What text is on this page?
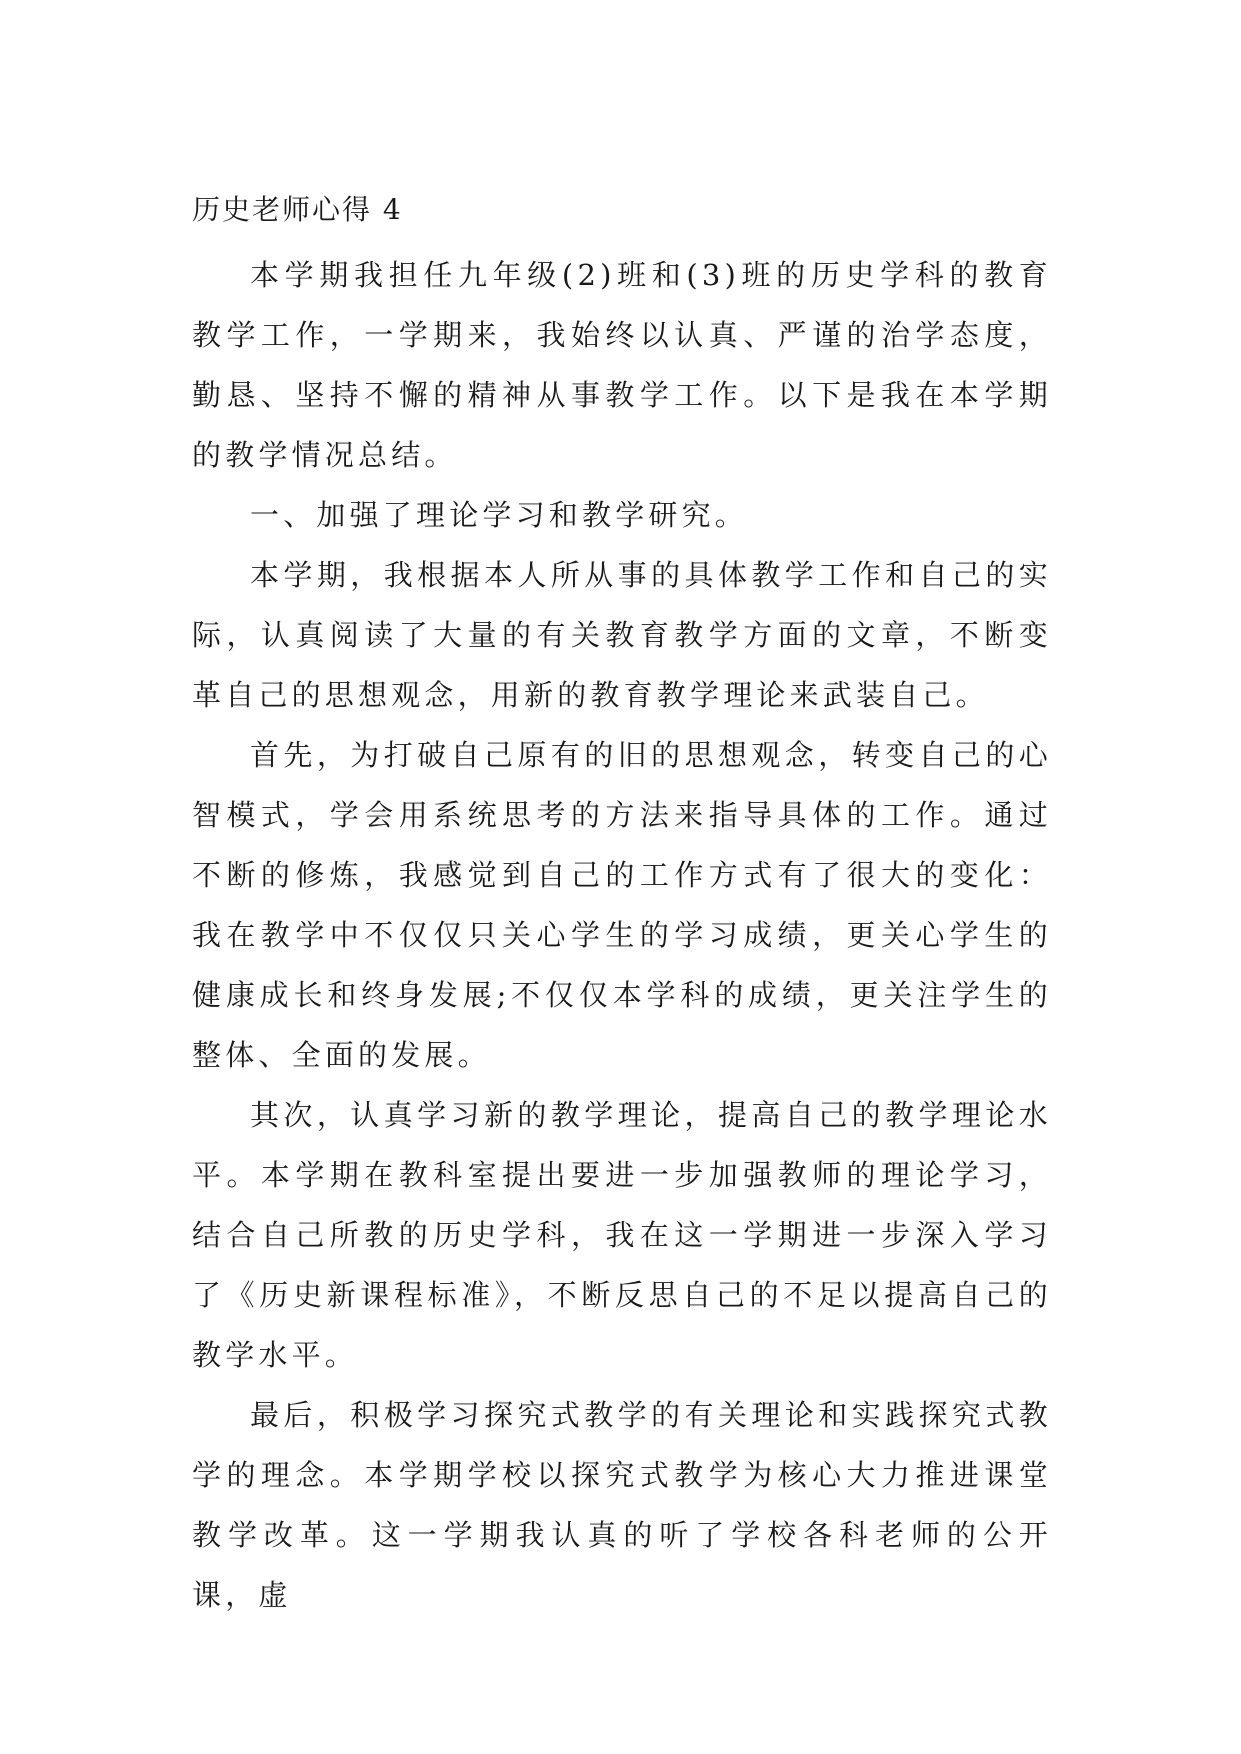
历史老师心得 4

本学期我担任九年级(2)班和(3)班的历史学科的教育教学工作，一学期来，我始终以认真、严谨的治学态度，勤恳、坚持不懈的精神从事教学工作。以下是我在本学期的教学情况总结。

一、加强了理论学习和教学研究。

本学期，我根据本人所从事的具体教学工作和自己的实际，认真阅读了大量的有关教育教学方面的文章，不断变革自己的思想观念，用新的教育教学理论来武装自己。

首先，为打破自己原有的旧的思想观念，转变自己的心智模式，学会用系统思考的方法来指导具体的工作。通过不断的修炼，我感觉到自己的工作方式有了很大的变化：我在教学中不仅仅只关心学生的学习成绩，更关心学生的健康成长和终身发展;不仅仅本学科的成绩，更关注学生的整体、全面的发展。

其次，认真学习新的教学理论，提高自己的教学理论水平。本学期在教科室提出要进一步加强教师的理论学习，结合自己所教的历史学科，我在这一学期进一步深入学习了《历史新课程标准》，不断反思自己的不足以提高自己的教学水平。

最后，积极学习探究式教学的有关理论和实践探究式教学的理念。本学期学校以探究式教学为核心大力推进课堂教学改革。这一学期我认真的听了学校各科老师的公开课，虚
